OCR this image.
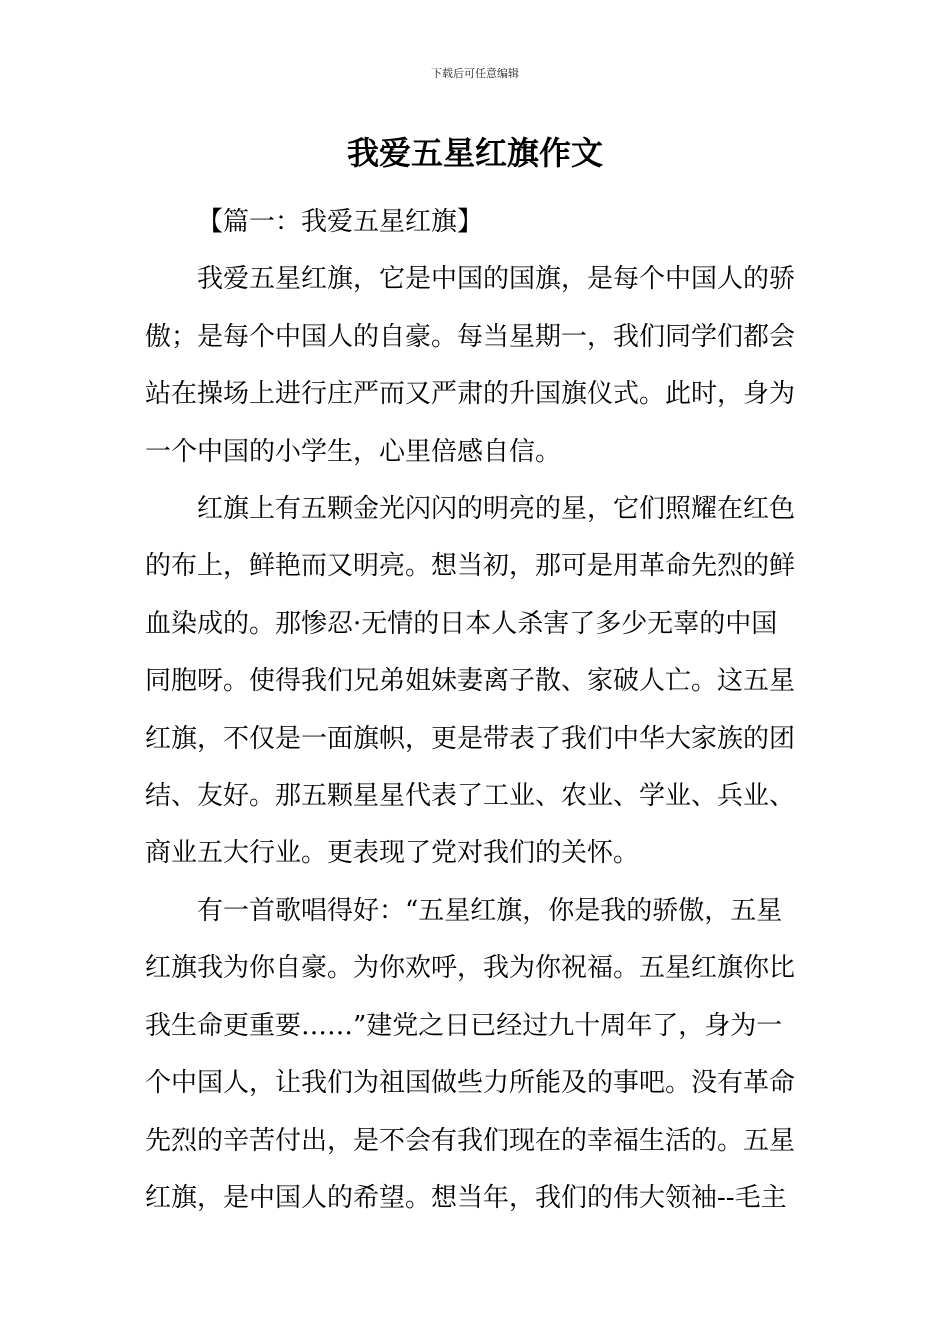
下载后可任意编辑
我爱五星红旗作文

【篇一：我爱五星红旗】

我爱五星红旗，它是中国的国旗，是每个中国人的骄
傲；是每个中国人的自豪。每当星期一，我们同学们都会
站在操场上进行庄严而又严肃的升国旗仪式。此时，身为
一个中国的小学生，心里倍感自信。

红旗上有五颗金光闪闪的明亮的星，它们照耀在红色
的布上，鲜艳而又明亮。想当初，那可是用革命先烈的鲜
血染成的。那惨忍·无情的日本人杀害了多少无辜的中国
同胞呀。使得我们兄弟姐妹妻离子散、家破人亡。这五星
红旗，不仅是一面旗帜，更是带表了我们中华大家族的团
结、友好。那五颗星星代表了工业、农业、学业、兵业、
商业五大行业。更表现了党对我们的关怀。

有一首歌唱得好：“五星红旗，你是我的骄傲，五星
红旗我为你自豪。为你欢呼，我为你祝福。五星红旗你比
我生命更重要……”建党之日已经过九十周年了，身为一
个中国人，让我们为祖国做些力所能及的事吧。没有革命
先烈的辛苦付出，是不会有我们现在的幸福生活的。五星
红旗，是中国人的希望。想当年，我们的伟大领袖--毛主
